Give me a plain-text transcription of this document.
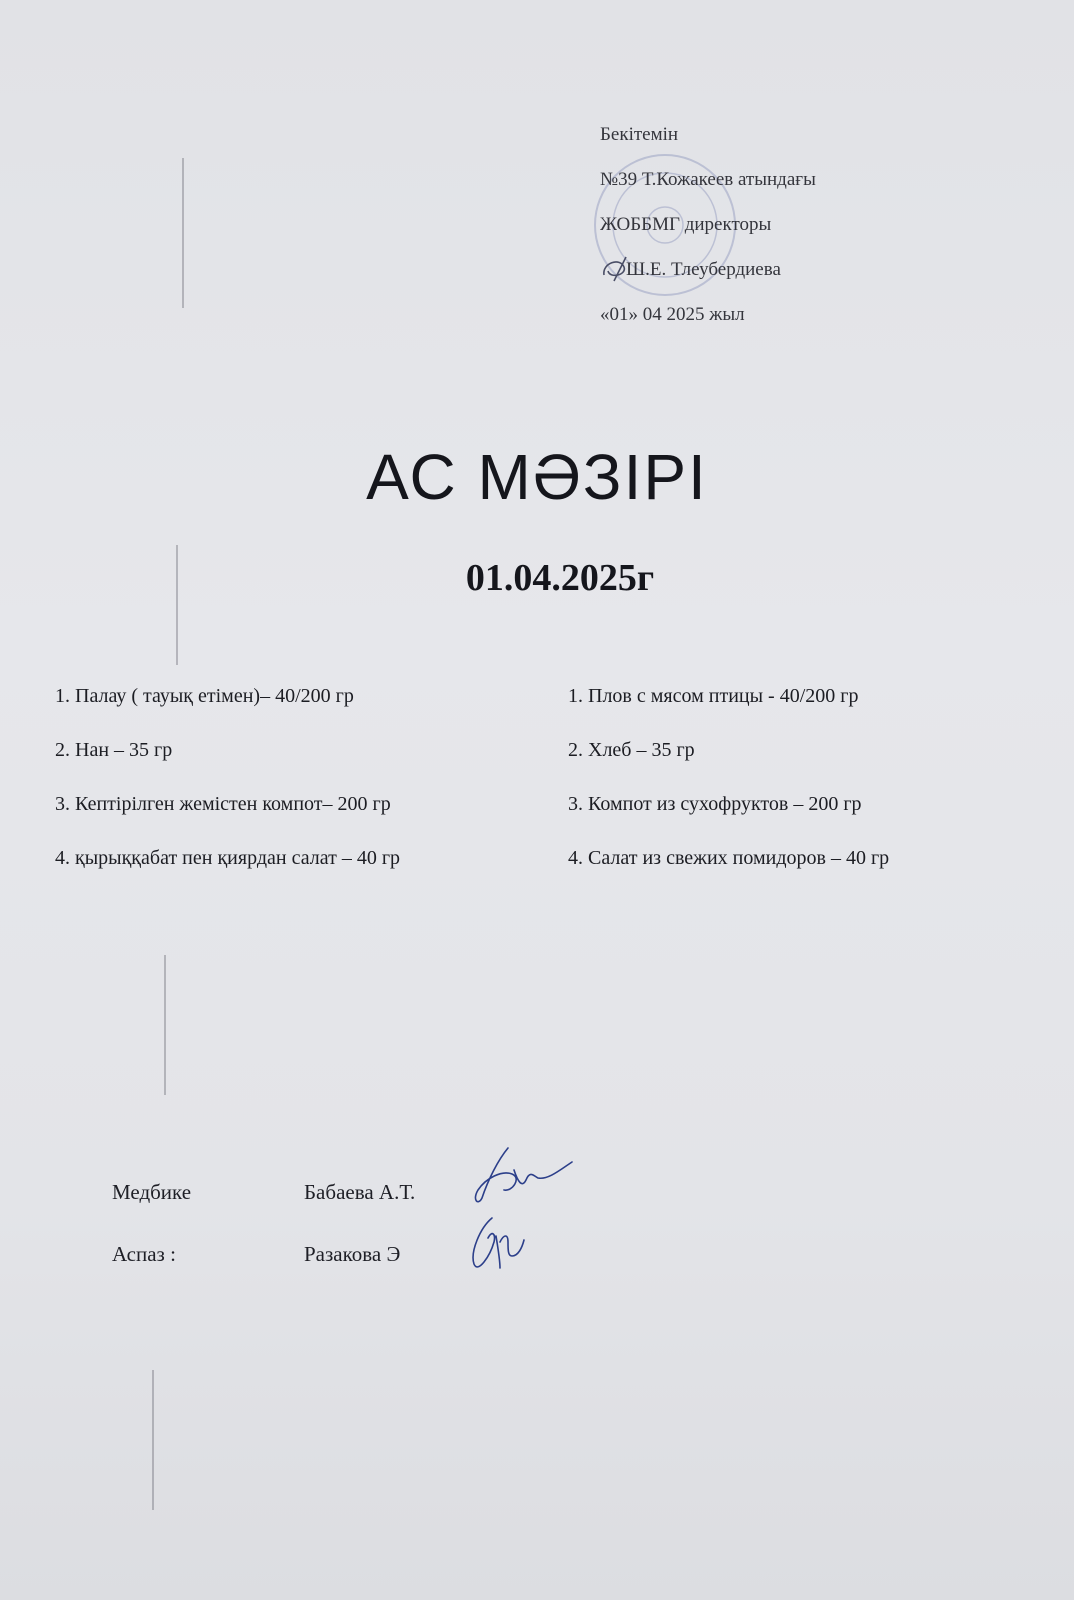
Бекітемін
№39 Т.Кожакеев атындағы
ЖОББМГ директоры
Ш.Е. Тлеубердиева
«01» 04 2025 жыл
АС МӘЗІРІ
01.04.2025г
1. Палау ( тауық етімен)– 40/200 гр
2. Нан – 35 гр
3. Кептірілген жемістен компот– 200 гр
4. қырыққабат пен қиярдан салат – 40 гр
1. Плов с мясом птицы - 40/200 гр
2. Хлеб – 35 гр
3. Компот из сухофруктов – 200 гр
4. Салат из свежих помидоров – 40 гр
Медбике	Бабаева А.Т.
Аспаз :	Разакова Э
